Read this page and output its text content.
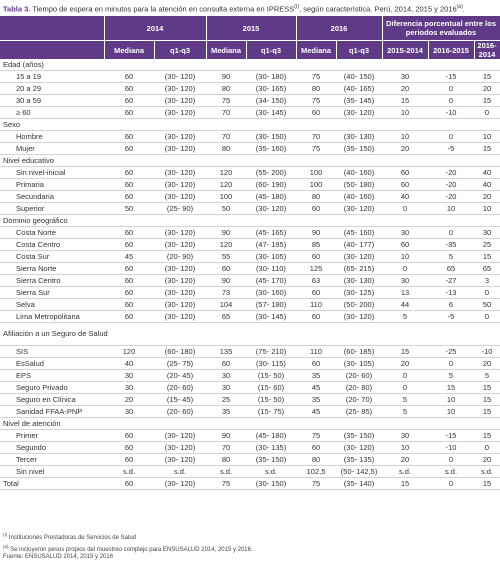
Tabla 3. Tiempo de espera en minutos para la atención en consulta externa en $IPRESS^{(I)}$, según característica. Perú, 2014, 2015 y 2016$^{(a)}$.
	2014		2015		2016		Diferencia porcentual entre los periodos evaluados		
	Mediana	q1-q3	Mediana	q1-q3	Mediana	q1-q3	2015-2014	2016-2015	2016-2014
Edad (años)									
15 a 19	60	(30- 120)	90	(30- 180)	75	(40- 150)	30	-15	15
20 a 29	60	(30- 120)	80	(30- 165)	80	(40- 165)	20	0	20
30 a 59	60	(30- 120)	75	(34- 150)	75	(35- 145)	15	0	15
≥ 60	60	(30- 120)	70	(30- 145)	60	(30- 120)	10	-10	0
Sexo									
Hombre	60	(30- 120)	70	(30- 150)	70	(30- 130)	10	0	10
Mujer	60	(30- 120)	80	(35- 160)	75	(35- 150)	20	-5	15
Nivel educativo									
Sin nivel-inicial	60	(30- 120)	120	(55- 200)	100	(40- 160)	60	-20	40
Primaria	60	(30- 120)	120	(60- 190)	100	(50- 180)	60	-20	40
Secundaria	60	(30- 120)	100	(45- 180)	80	(40- 160)	40	-20	20
Superior	50	(25- 90)	50	(30- 120)	60	(30- 120)	0	10	10
Dominio geográfico									
Costa Norte	60	(30- 120)	90	(45- 165)	90	(45- 160)	30	0	30
Costa Centro	60	(30- 120)	120	(47- 195)	85	(40- 177)	60	-35	25
Costa Sur	45	(20- 90)	55	(30- 105)	60	(30- 120)	10	5	15
Sierra Norte	60	(30- 120)	60	(30- 110)	125	(65- 215)	0	65	65
Sierra Centro	60	(30- 120)	90	(45- 170)	63	(30- 130)	30	-27	3
Sierra Sur	60	(30- 120)	73	(30- 160)	60	(30- 125)	13	-13	0
Selva	60	(30- 120)	104	(57- 180)	110	(50- 200)	44	6	50
Lima Metropolitana	60	(30- 120)	65	(30- 145)	60	(30- 120)	5	-5	0
Afiliación a un Seguro de Salud									
SIS	120	(60- 180)	135	(75- 210)	110	(60- 185)	15	-25	-10
EsSalud	40	(25- 75)	60	(30- 115)	60	(30- 105)	20	0	20
EPS	30	(20- 45)	30	(15- 50)	35	(20- 60)	0	5	5
Seguro Privado	30	(20- 60)	30	(15- 60)	45	(20- 80)	0	15	15
Seguro en Clínica	20	(15- 45)	25	(15- 50)	35	(20- 70)	5	10	15
Sanidad FFAA-PNP	30	(20- 60)	35	(15- 75)	45	(25- 85)	5	10	15
Nivel de atención									
Primer	60	(30- 120)	90	(45- 180)	75	(35- 150)	30	-15	15
Segundo	60	(30- 120)	70	(30- 135)	60	(30- 120)	10	-10	0
Tercer	60	(30- 120)	80	(35- 150)	80	(35- 135)	20	0	20
Sin nivel	s.d.	s.d.	s.d.	s.d.	102,5	(50- 142,5)	s.d.	s.d.	s.d.
Total	60	(30- 120)	75	(30- 150)	75	(35- 140)	15	0	15
$^{(I)}$ Instituciones Prestadoras de Servicios de Salud
$^{(a)}$ Se incluyeron pesos propios del muestreo complejo para ENSUSALUD 2014, 2015 y 2016.
Fuente: ENSUSALUD 2014, 2015 y 2016
